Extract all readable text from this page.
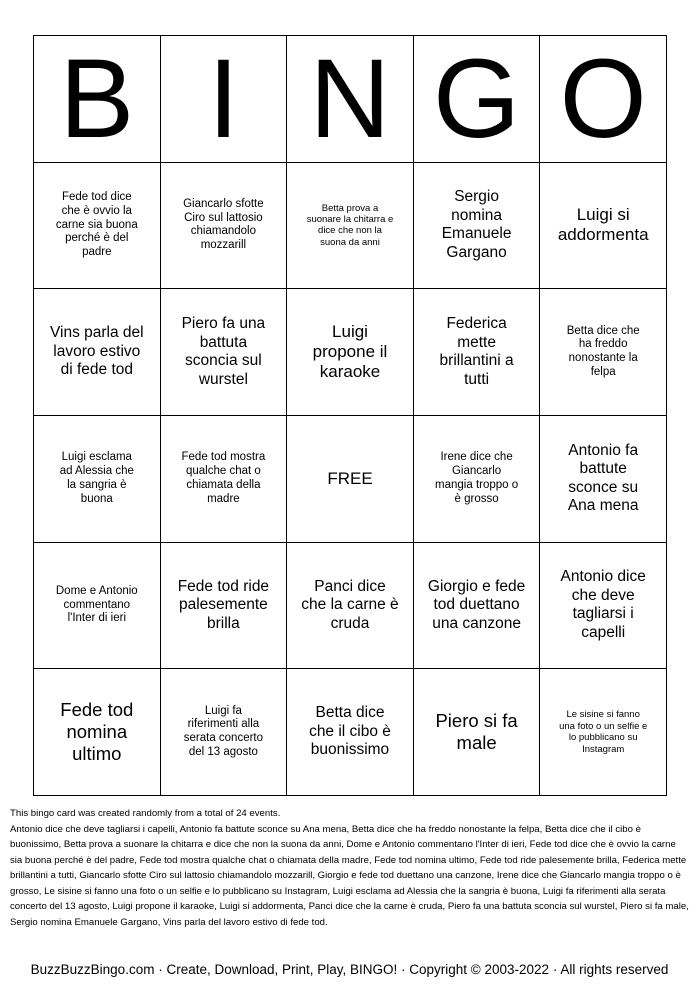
B I N G O
Fede tod dice che è ovvio la carne sia buona perché è del padre
Giancarlo sfotte Ciro sul lattosio chiamandolo mozzarill
Betta prova a suonare la chitarra e dice che non la suona da anni
Sergio nomina Emanuele Gargano
Luigi si addormenta
Vins parla del lavoro estivo di fede tod
Piero fa una battuta sconcia sul wurstel
Luigi propone il karaoke
Federica mette brillantini a tutti
Betta dice che ha freddo nonostante la felpa
Luigi esclama ad Alessia che la sangria è buona
Fede tod mostra qualche chat o chiamata della madre
FREE
Irene dice che Giancarlo mangia troppo o è grosso
Antonio fa battute sconce su Ana mena
Dome e Antonio commentano l'Inter di ieri
Fede tod ride palesemente brilla
Panci dice che la carne è cruda
Giorgio e fede tod duettano una canzone
Antonio dice che deve tagliarsi i capelli
Fede tod nomina ultimo
Luigi fa riferimenti alla serata concerto del 13 agosto
Betta dice che il cibo è buonissimo
Piero si fa male
Le sisine si fanno una foto o un selfie e lo pubblicano su Instagram
This bingo card was created randomly from a total of 24 events.
Antonio dice che deve tagliarsi i capelli, Antonio fa battute sconce su Ana mena, Betta dice che ha freddo nonostante la felpa, Betta dice che il cibo è buonissimo, Betta prova a suonare la chitarra e dice che non la suona da anni, Dome e Antonio commentano l'Inter di ieri, Fede tod dice che è ovvio la carne sia buona perché è del padre, Fede tod mostra qualche chat o chiamata della madre, Fede tod nomina ultimo, Fede tod ride palesemente brilla, Federica mette brillantini a tutti, Giancarlo sfotte Ciro sul lattosio chiamandolo mozzarill, Giorgio e fede tod duettano una canzone, Irene dice che Giancarlo mangia troppo o è grosso, Le sisine si fanno una foto o un selfie e lo pubblicano su Instagram, Luigi esclama ad Alessia che la sangria è buona, Luigi fa riferimenti alla serata concerto del 13 agosto, Luigi propone il karaoke, Luigi si addormenta, Panci dice che la carne è cruda, Piero fa una battuta sconcia sul wurstel, Piero si fa male, Sergio nomina Emanuele Gargano, Vins parla del lavoro estivo di fede tod.
BuzzBuzzBingo.com · Create, Download, Print, Play, BINGO! · Copyright © 2003-2022 · All rights reserved
